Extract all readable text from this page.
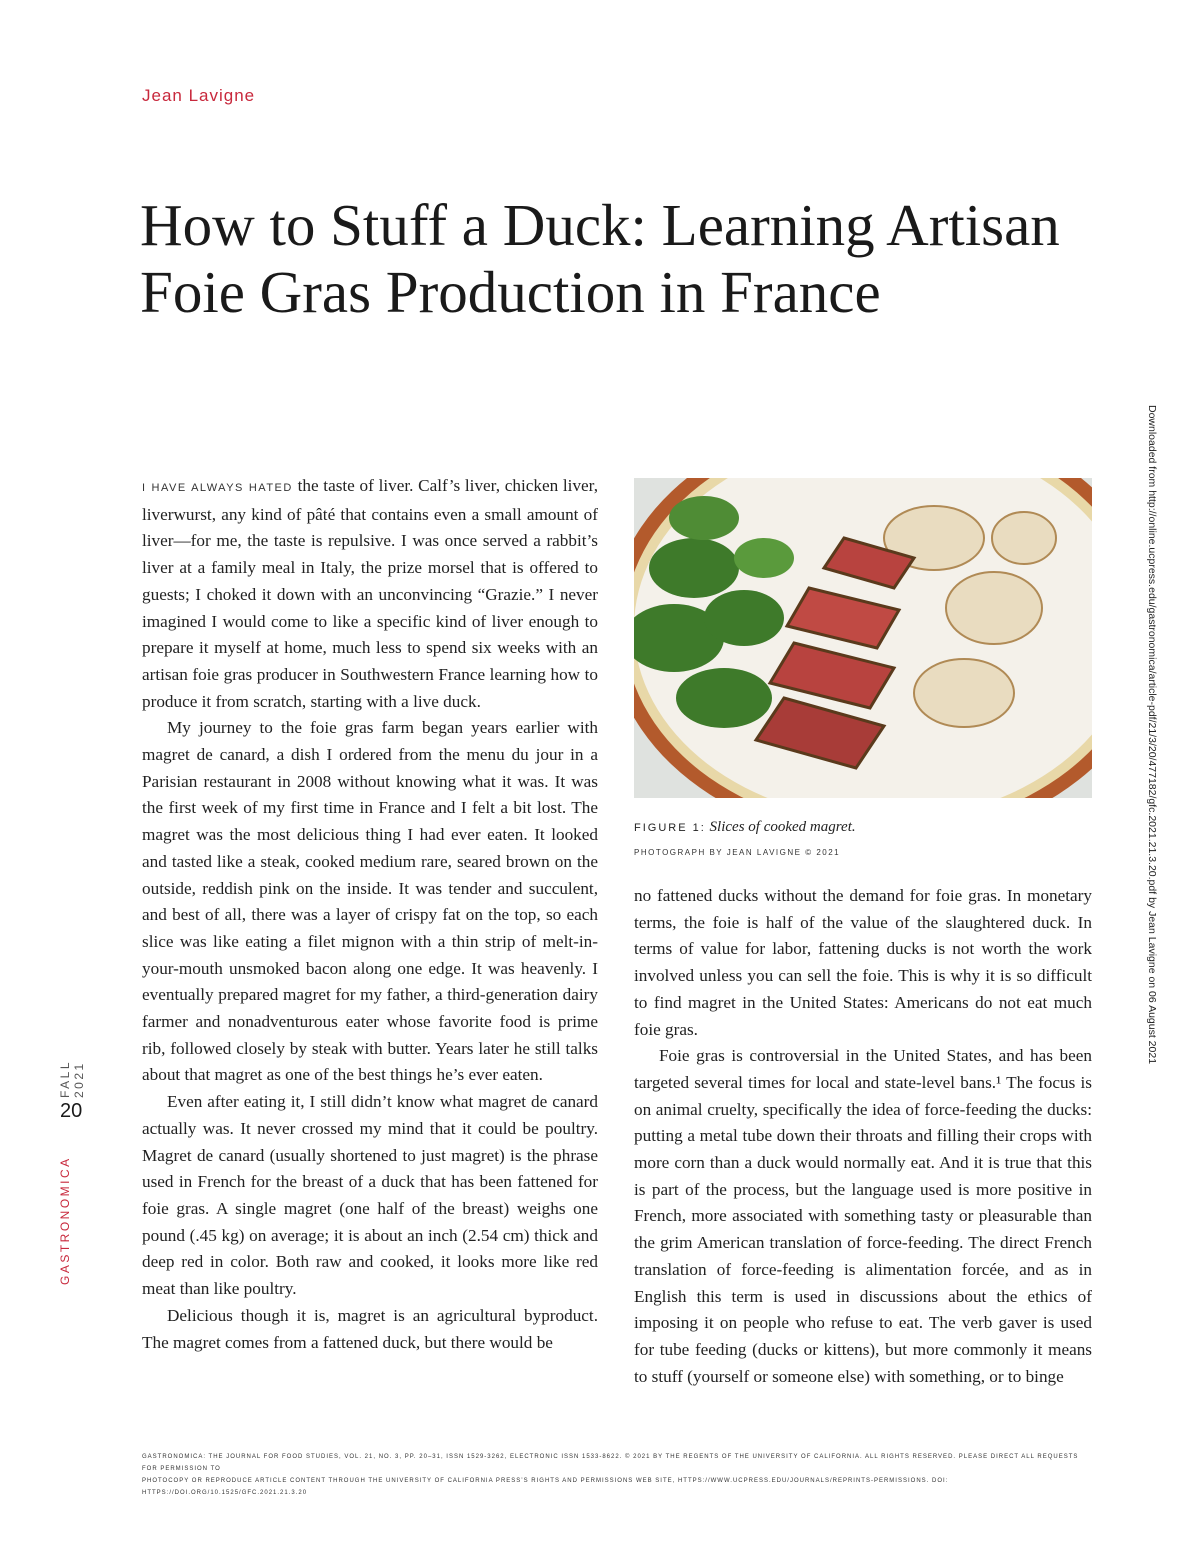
Jean Lavigne
How to Stuff a Duck: Learning Artisan
Foie Gras Production in France

I HAVE ALWAYS HATED the taste of liver. Calf’s liver, chicken liver, liverwurst, any kind of pâté that contains even a small amount of liver—for me, the taste is repulsive. I was once served a rabbit’s liver at a family meal in Italy, the prize morsel that is offered to guests; I choked it down with an unconvincing “Grazie.” I never imagined I would come to like a specific kind of liver enough to prepare it myself at home, much less to spend six weeks with an artisan foie gras producer in Southwestern France learning how to produce it from scratch, starting with a live duck.

My journey to the foie gras farm began years earlier with magret de canard, a dish I ordered from the menu du jour in a Parisian restaurant in 2008 without knowing what it was. It was the first week of my first time in France and I felt a bit lost. The magret was the most delicious thing I had ever eaten. It looked and tasted like a steak, cooked medium rare, seared brown on the outside, reddish pink on the inside. It was tender and succulent, and best of all, there was a layer of crispy fat on the top, so each slice was like eating a filet mignon with a thin strip of melt-in-your-mouth unsmoked bacon along one edge. It was heavenly. I eventually prepared magret for my father, a third-generation dairy farmer and nonadventurous eater whose favorite food is prime rib, followed closely by steak with butter. Years later he still talks about that magret as one of the best things he’s ever eaten.

Even after eating it, I still didn’t know what magret de canard actually was. It never crossed my mind that it could be poultry. Magret de canard (usually shortened to just magret) is the phrase used in French for the breast of a duck that has been fattened for foie gras. A single magret (one half of the breast) weighs one pound (.45 kg) on average; it is about an inch (2.54 cm) thick and deep red in color. Both raw and cooked, it looks more like red meat than like poultry.

Delicious though it is, magret is an agricultural byproduct. The magret comes from a fattened duck, but there would be

FIGURE 1: Slices of cooked magret.
PHOTOGRAPH BY JEAN LAVIGNE © 2021

no fattened ducks without the demand for foie gras. In monetary terms, the foie is half of the value of the slaughtered duck. In terms of value for labor, fattening ducks is not worth the work involved unless you can sell the foie. This is why it is so difficult to find magret in the United States: Americans do not eat much foie gras.

Foie gras is controversial in the United States, and has been targeted several times for local and state-level bans.¹ The focus is on animal cruelty, specifically the idea of force-feeding the ducks: putting a metal tube down their throats and filling their crops with more corn than a duck would normally eat. And it is true that this is part of the process, but the language used is more positive in French, more associated with something tasty or pleasurable than the grim American translation of force-feeding. The direct French translation of force-feeding is alimentation forcée, and as in English this term is used in discussions about the ethics of imposing it on people who refuse to eat. The verb gaver is used for tube feeding (ducks or kittens), but more commonly it means to stuff (yourself or someone else) with something, or to binge

FALL 2021
20
GASTRONOMICA
Downloaded from http://online.ucpress.edu/gastronomica/article-pdf/21/3/20/477182/gfc.2021.21.3.20.pdf by Jean Lavigne on 06 August 2021
GASTRONOMICA: THE JOURNAL FOR FOOD STUDIES, VOL. 21, NO. 3, PP. 20–31, ISSN 1529-3262, ELECTRONIC ISSN 1533-8622. © 2021 BY THE REGENTS OF THE UNIVERSITY OF CALIFORNIA. ALL RIGHTS RESERVED. PLEASE DIRECT ALL REQUESTS FOR PERMISSION TO
PHOTOCOPY OR REPRODUCE ARTICLE CONTENT THROUGH THE UNIVERSITY OF CALIFORNIA PRESS’S RIGHTS AND PERMISSIONS WEB SITE, HTTPS://WWW.UCPRESS.EDU/JOURNALS/REPRINTS-PERMISSIONS. DOI: HTTPS://DOI.ORG/10.1525/GFC.2021.21.3.20
